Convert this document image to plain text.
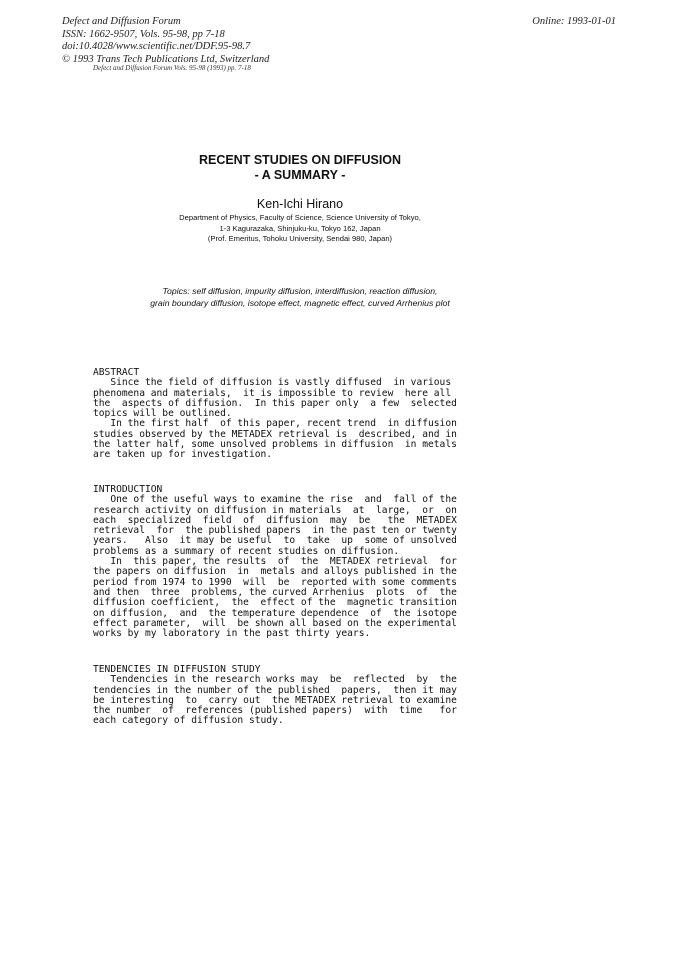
Defect and Diffusion Forum
ISSN: 1662-9507, Vols. 95-98, pp 7-18
doi:10.4028/www.scientific.net/DDF.95-98.7
© 1993 Trans Tech Publications Ltd, Switzerland
Online: 1993-01-01
Defect and Diffusion Forum Vols. 95-98 (1993) pp. 7-18
RECENT STUDIES ON DIFFUSION
- A SUMMARY -
Ken-Ichi Hirano
Department of Physics, Faculty of Science, Science University of Tokyo,
1-3 Kagurazaka, Shinjuku-ku, Tokyo 162, Japan
(Prof. Emeritus, Tohoku University, Sendai 980, Japan)
Topics: self diffusion, impurity diffusion, interdiffusion, reaction diffusion,
grain boundary diffusion, isotope effect, magnetic effect, curved Arrhenius plot
ABSTRACT
Since the field of diffusion is vastly diffused  in various
phenomena and materials,  it is impossible to review  here all
the  aspects of diffusion.  In this paper only  a few  selected
topics will be outlined.
In the first half  of this paper, recent trend  in diffusion
studies observed by the METADEX retrieval is  described, and in
the latter half, some unsolved problems in diffusion  in metals
are taken up for investigation.
INTRODUCTION
One of the useful ways to examine the rise  and  fall of the
research activity on diffusion in materials  at  large,  or  on
each  specialized  field  of  diffusion  may  be   the  METADEX
retrieval  for  the published papers  in the past ten or twenty
years.   Also  it may be useful  to  take  up  some of unsolved
problems as a summary of recent studies on diffusion.
In  this paper, the results  of  the  METADEX retrieval  for
the papers on diffusion  in  metals and alloys published in the
period from 1974 to 1990  will  be  reported with some comments
and then  three  problems, the curved Arrhenius  plots  of  the
diffusion coefficient,  the  effect of the  magnetic transition
on diffusion,  and  the temperature dependence  of  the isotope
effect parameter,  will  be shown all based on the experimental
works by my laboratory in the past thirty years.
TENDENCIES IN DIFFUSION STUDY
Tendencies in the research works may  be  reflected  by  the
tendencies in the number of the published  papers,  then it may
be interesting  to  carry out  the METADEX retrieval to examine
the number  of  references (published papers)  with  time   for
each category of diffusion study.
